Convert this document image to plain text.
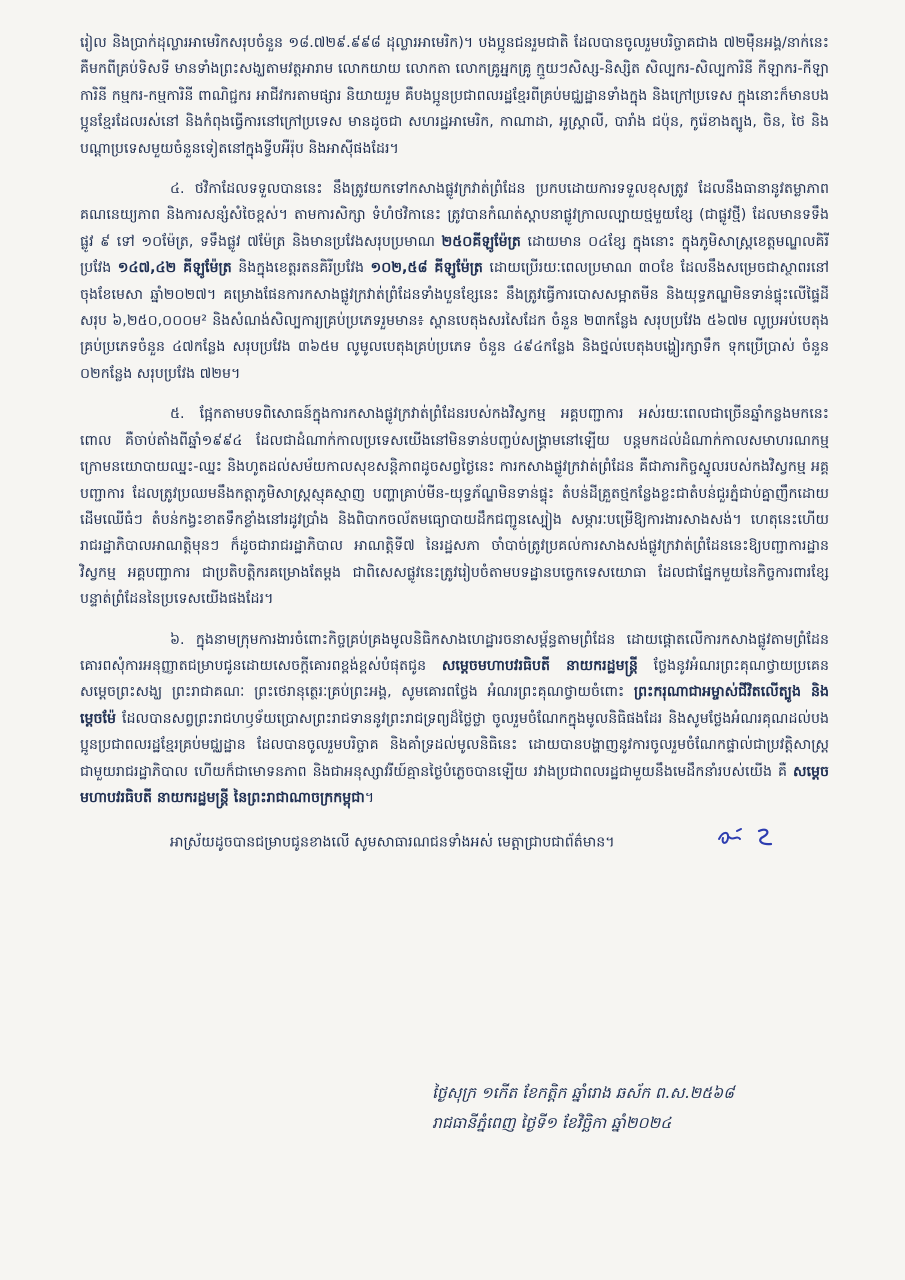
រៀល និងប្រាក់ដុល្លារអាមេរិកសរុបចំនួន ១៨.៧២៩.៩៩៨ ដុល្លារអាមេរិក)។ បងប្អូនជនរួមជាតិ ដែលបានចូលរួមបរិច្ចាគជាង ៧២ម៉ឺនអង្គ/នាក់នេះ គឺមកពីគ្រប់ទិសទី មានទាំងព្រះសង្ឃតាមវត្តអារាម លោកយាយ លោកតា លោកគ្រូអ្នកគ្រូ ក្មួយៗសិស្ស-និស្សិត សិល្បករ-សិល្បការិនី កីឡាករ-កីឡាការិនី កម្មករ-កម្មការិនី ពាណិជ្ជករ អាជីវករតាមផ្សារ និយាយរួម គឺបងប្អូនប្រជាពលរដ្ឋខ្មែរពីគ្រប់មជ្ឈដ្ឋានទាំងក្នុង និងក្រៅប្រទេស ក្នុងនោះក៏មានបងប្អូនខ្មែរដែលរស់នៅ និងកំពុងធ្វើការនៅក្រៅប្រទេស មានដូចជា សហរដ្ឋអាមេរិក, កាណាដា, អូស្ត្រាលី, បារាំង ជប៉ុន, កូរ៉េខាងត្បូង, ចិន, ថៃ និងបណ្ដាប្រទេសមួយចំនួនទៀតនៅក្នុងទ្វីបអឺរ៉ុប និងអាស៊ីផងដែរ។

៤. ថវិកាដែលទទួលបាននេះ នឹងត្រូវយកទៅកសាងផ្លូវក្រវាត់ព្រំដែន ប្រកបដោយការទទួលខុសត្រូវ ដែលនឹងធានានូវតម្លាភាព គណនេយ្យភាព និងការសន្សំសំចៃខ្ពស់។ តាមការសិក្សា ទំហំថវិកានេះ ត្រូវបានកំណត់ស្ដាបនាផ្លូវក្រាលល្បាយថ្មមួយខ្សែ (ជាផ្លូវថ្មី) ដែលមានទទឹងផ្លូវ ៩ ទៅ ១០ម៉ែត្រ, ទទឹងផ្លូវ ៧ម៉ែត្រ និងមានប្រវែងសរុបប្រមាណ ២៥០គីឡូម៉ែត្រ ដោយមាន ០៤ខ្សែ ក្នុងនោះ ក្នុងភូមិសាស្ត្រខេត្តមណ្ឌលគិរី ប្រវែង ១៤៧,៤២ គីឡូម៉ែត្រ និងក្នុងខេត្តរតនគិរីប្រវែង ១០២,៥៨ គីឡូម៉ែត្រ ដោយប្រើរយៈពេលប្រមាណ ៣០ខែ ដែលនឹងសម្រេចជាស្ថាពរនៅចុងខែមេសា ឆ្នាំ២០២៧។ គម្រោងផែនការកសាងផ្លូវក្រវាត់ព្រំដែនទាំងបួនខ្សែនេះ នឹងត្រូវធ្វើការបោសសម្អាតមីន និងយុទ្ធភណ្ឌមិនទាន់ផ្ទុះលើផ្ទៃដីសរុប ៦,២៥០,០០០ម² និងសំណង់សិល្បការ្យគ្រប់ប្រភេទរួមមាន៖ ស្ពានបេតុងសរសៃដែក ចំនួន ២៣កន្លែង សរុបប្រវែង ៥៦៧ម លូប្រអប់បេតុងគ្រប់ប្រភេទចំនួន ៤៧កន្លែង សរុបប្រវែង ៣៦៥ម លូមូលបេតុងគ្រប់ប្រភេទ ចំនួន ៤៩៤កន្លែង និងថ្នល់បេតុងបង្ហៀរក្សាទឹក ទុកប្រើប្រាស់ ចំនួន ០២កន្លែង សរុបប្រវែង ៧២ម។

៥. ផ្អែកតាមបទពិសោធន៍ក្នុងការកសាងផ្លូវក្រវាត់ព្រំដែនរបស់កងវិស្វកម្ម អគ្គបញ្ជាការ អស់រយៈពេលជាច្រើនឆ្នាំកន្លងមកនេះ ពោល គឺចាប់តាំងពីឆ្នាំ១៩៩៤ ដែលជាដំណាក់កាលប្រទេសយើងនៅមិនទាន់បញ្ចប់សង្គ្រាមនៅឡើយ បន្តមកដល់ដំណាក់កាលសមាហរណកម្ម ក្រោមនយោបាយឈ្នះ-ឈ្នះ និងហូតដល់សម័យកាលសុខសន្តិភាពដូចសព្វថ្ងៃនេះ ការកសាងផ្លូវក្រវាត់ព្រំដែន គឺជាភារកិច្ចស្នូលរបស់កងវិស្វកម្ម អគ្គបញ្ជាការ ដែលត្រូវប្រឈមនឹងកត្តាភូមិសាស្ត្រស្មុគស្មាញ បញ្ហាគ្រាប់មីន-យុទ្ធភ័ណ្ឌមិនទាន់ផ្ទុះ តំបន់ដីគ្រួតថ្មកន្លែងខ្លះជាតំបន់ជួរភ្នំជាប់គ្នាញឹកដោយដើមឈើធំៗ តំបន់កង្វះខាតទឹកខ្លាំងនៅរដូវប្រាំង និងពិបាកចល័តមធ្យោបាយដឹកជញ្ជូនស្បៀង សម្ភារៈបម្រើឱ្យការងារសាងសង់។ ហេតុនេះហើយ រាជរដ្ឋាភិបាលអាណត្តិមុនៗ ក៏ដូចជារាជរដ្ឋាភិបាល អាណត្តិទី៧ នៃរដ្ឋសភា ចាំបាច់ត្រូវប្រគល់ការសាងសង់ផ្លូវក្រវាត់ព្រំដែននេះឱ្យបញ្ជាការដ្ឋានវិស្វកម្ម អគ្គបញ្ជាការ ជាប្រតិបត្តិករគម្រោងតែម្ដង ជាពិសេសផ្លូវនេះត្រូវរៀបចំតាមបទដ្ឋានបច្ចេកទេសយោធា ដែលជាផ្នែកមួយនៃកិច្ចការពារខ្សែបន្ទាត់ព្រំដែននៃប្រទេសយើងផងដែរ។

៦. ក្នុងនាមក្រុមការងារចំពោះកិច្ចគ្រប់គ្រងមូលនិធិកសាងហេដ្ឋារចនាសម្ព័ន្ធតាមព្រំដែន ដោយផ្ដោតលើការកសាងផ្លូវតាមព្រំដែន គោរពសុំការអនុញ្ញាតជម្រាបជូនដោយសេចក្ដីគោរពខ្ពង់ខ្ពស់បំផុតជូន សម្ដេចមហាបវរធិបតី នាយករដ្ឋមន្ត្រី ថ្លែងនូវអំណរព្រះគុណថ្វាយប្រគេនសម្ដេចព្រះសង្ឃ ព្រះរាជាគណៈ ព្រះថេរានុត្ថេរៈគ្រប់ព្រះអង្គ, សូមគោរពថ្លែង អំណរព្រះគុណថ្វាយចំពោះ ព្រះករុណាជាអម្ចាស់ជីវិតលើត្បូង និងម្ដេចម៉ែ ដែលបានសព្វព្រះរាជហឫទ័យប្រោសព្រះរាជទាននូវព្រះរាជទ្រព្យដ៏ថ្លៃថ្លា ចូលរួមចំណែកក្នុងមូលនិធិផងដែរ និងសូមថ្លែងអំណរគុណដល់បងប្អូនប្រជាពលរដ្ឋខ្មែរគ្រប់មជ្ឈដ្ឋាន ដែលបានចូលរួមបរិច្ចាគ និងគាំទ្រដល់មូលនិធិនេះ ដោយបានបង្ហាញនូវការចូលរួមចំណែកផ្ទាល់ជាប្រវត្តិសាស្ត្រជាមួយរាជរដ្ឋាភិបាល ហើយក៏ជាមោទនភាព និងជាអនុស្សាវរីយ៍គ្មានថ្ងៃបំភ្លេចបានឡើយ រវាងប្រជាពលរដ្ឋជាមួយនឹងមេដឹកនាំរបស់យើង គឺ សម្ដេចមហាបវរធិបតី នាយករដ្ឋមន្ត្រី នៃព្រះរាជាណាចក្រកម្ពុជា។

អាស្រ័យដូចបានជម្រាបជូនខាងលើ សូមសាធារណជនទាំងអស់ មេត្តាជ្រាបជាព័ត៌មាន។
ថ្ងៃសុក្រ ១កើត ខែកត្ដិក ឆ្នាំរោង ឆស័ក ព.ស.២៥៦៨
រាជធានីភ្នំពេញ ថ្ងៃទី១ ខែវិច្ឆិកា ឆ្នាំ២០២៤
